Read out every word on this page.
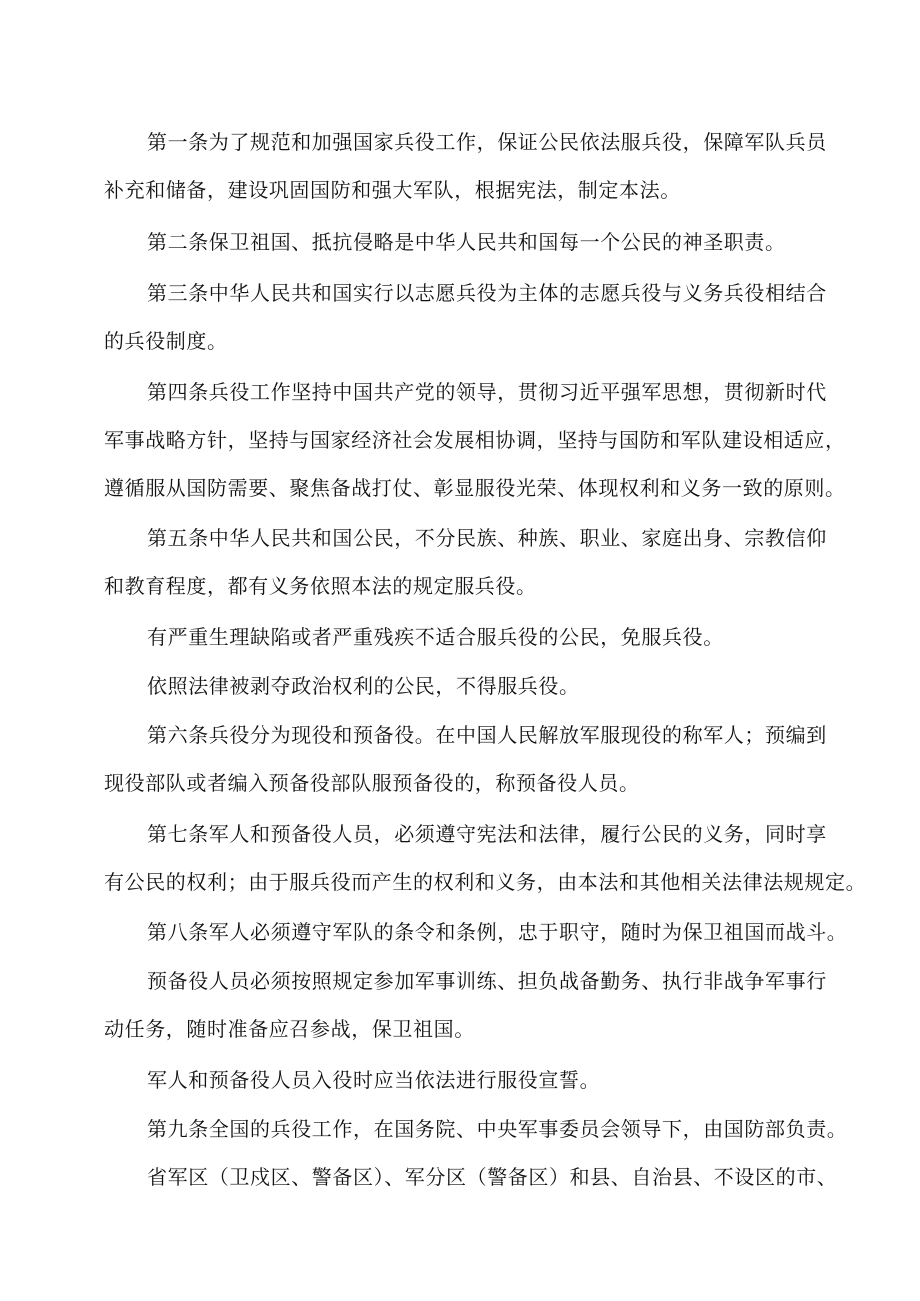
第一条为了规范和加强国家兵役工作，保证公民依法服兵役，保障军队兵员
补充和储备，建设巩固国防和强大军队，根据宪法，制定本法。
第二条保卫祖国、抵抗侵略是中华人民共和国每一个公民的神圣职责。
第三条中华人民共和国实行以志愿兵役为主体的志愿兵役与义务兵役相结合
的兵役制度。
第四条兵役工作坚持中国共产党的领导，贯彻习近平强军思想，贯彻新时代
军事战略方针，坚持与国家经济社会发展相协调，坚持与国防和军队建设相适应，
遵循服从国防需要、聚焦备战打仗、彰显服役光荣、体现权利和义务一致的原则。
第五条中华人民共和国公民，不分民族、种族、职业、家庭出身、宗教信仰
和教育程度，都有义务依照本法的规定服兵役。
有严重生理缺陷或者严重残疾不适合服兵役的公民，免服兵役。
依照法律被剥夺政治权利的公民，不得服兵役。
第六条兵役分为现役和预备役。在中国人民解放军服现役的称军人；预编到
现役部队或者编入预备役部队服预备役的，称预备役人员。
第七条军人和预备役人员，必须遵守宪法和法律，履行公民的义务，同时享
有公民的权利；由于服兵役而产生的权利和义务，由本法和其他相关法律法规规定。
第八条军人必须遵守军队的条令和条例，忠于职守，随时为保卫祖国而战斗。
预备役人员必须按照规定参加军事训练、担负战备勤务、执行非战争军事行
动任务，随时准备应召参战，保卫祖国。
军人和预备役人员入役时应当依法进行服役宣誓。
第九条全国的兵役工作，在国务院、中央军事委员会领导下，由国防部负责。
省军区（卫戍区、警备区）、军分区（警备区）和县、自治县、不设区的市、
